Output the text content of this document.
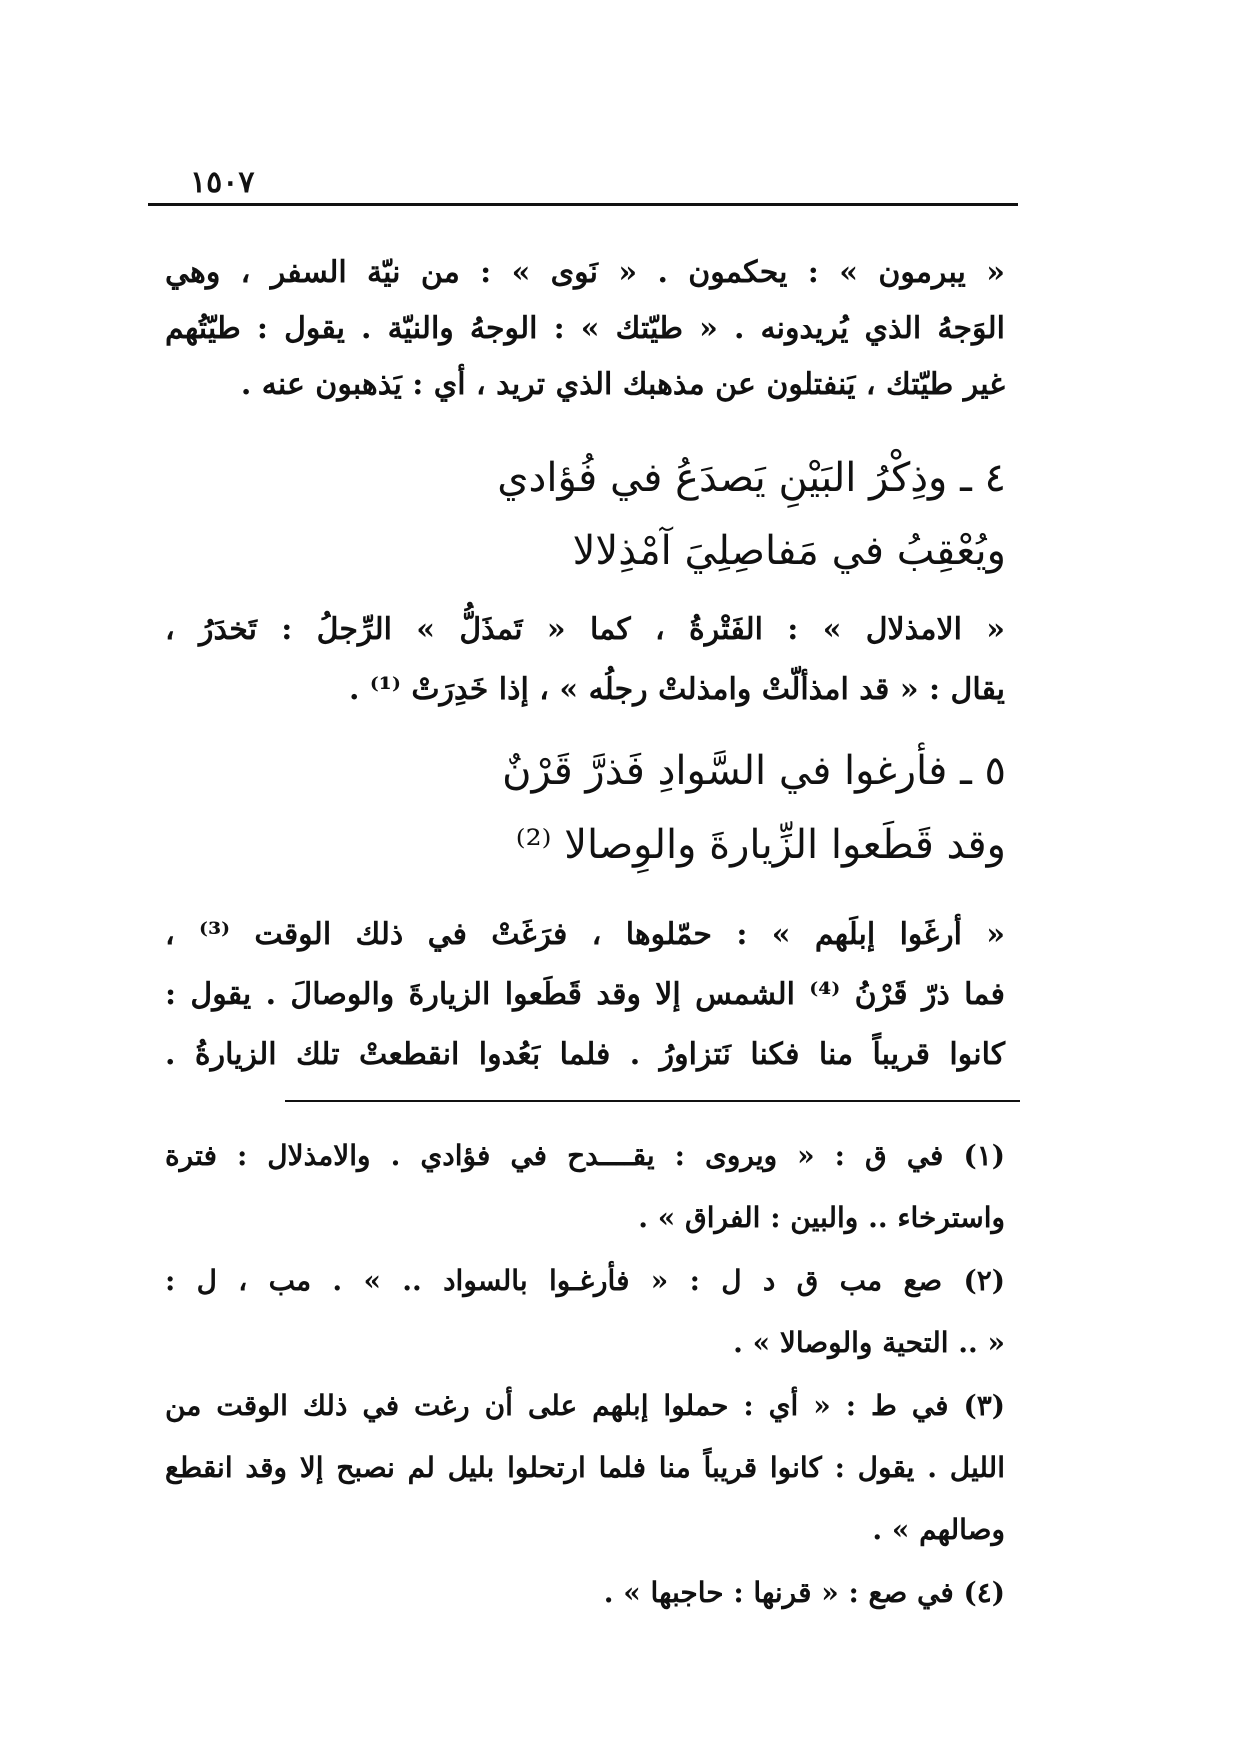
١٥٠٧
« يبرمون » : يحكمون . « نَوى » : من نيّة السفر ، وهي
الوَجهُ الذي يُريدونه . « طيّتك » : الوجهُ والنيّة . يقول : طيّتُهم
غير طيّتك ، يَنفتلون عن مذهبك الذي تريد ، أي : يَذهبون عنه .
٤ ـ وذِكْرُ البَيْنِ يَصدَعُ في فُؤادي
ويُعْقِبُ في مَفاصِلِيَ آمْذِلالا
« الامذلال » : الفَتْرةُ ، كما « تَمذَلُّ » الرِّجلُ : تَخدَرُ ،
يقال : « قد امذألّتْ وامذلتْ رجلُه » ، إذا خَدِرَتْ ⁽¹⁾ .
٥ ـ فأرغوا في السَّوادِ فَذرَّ قَرْنٌ
وقد قَطَعوا الزِّيارةَ والوِصالا ⁽²⁾
« أرغَوا إبلَهم » : حمّلوها ، فرَغَتْ في ذلك الوقت ⁽³⁾ ،
فما ذرّ قَرْنُ ⁽⁴⁾ الشمس إلا وقد قَطَعوا الزيارةَ والوصالَ . يقول :
كانوا قريباً منا فكنا نَتزاورُ . فلما بَعُدوا انقطعتْ تلك الزيارةُ .
(١) في ق : « ويروى : يقــــدح في فؤادي . والامذلال : فترة
واسترخاء .. والبين : الفراق » .
(٢) صع مب ق د ل : « فأرغـوا بالسواد .. » . مب ، ل :
« .. التحية والوصالا » .
(٣) في ط : « أي : حملوا إبلهم على أن رغت في ذلك الوقت من
الليل . يقول : كانوا قريباً منا فلما ارتحلوا بليل لم نصبح إلا وقد انقطع
وصالهم » .
(٤) في صع : « قرنها : حاجبها » .
